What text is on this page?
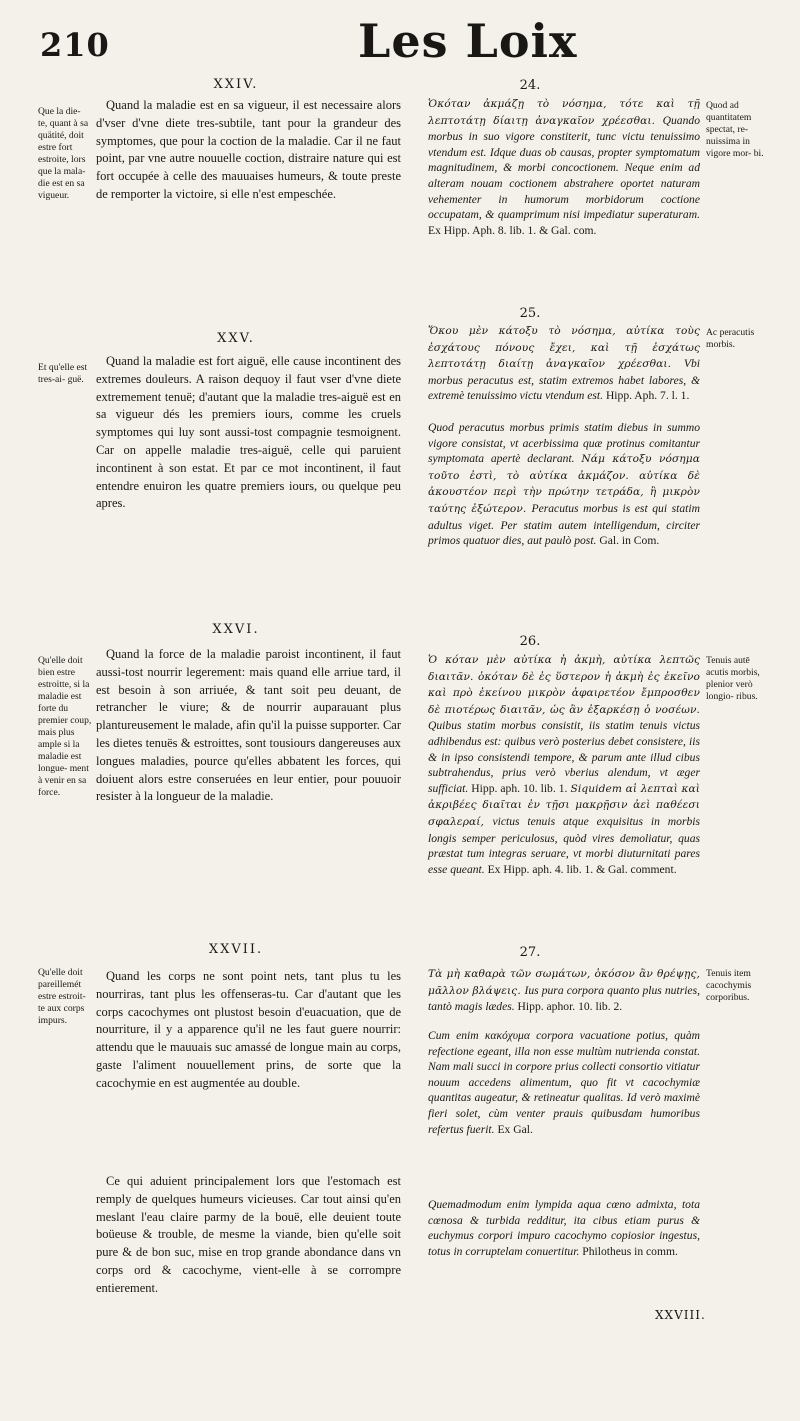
210	Les Loix
XXIV.

Que la die- te, quant à sa quätité, doit estre fort estroite, lors que la mala- die est en sa vigueur.

Quand la maladie est en sa vigueur, il est necessaire alors d'vser d'vne diete tres-subtile, tant pour la grandeur des symptomes, que pour la coction de la maladie. Car il ne faut point, par vne autre nouuelle coction, distraire nature qui est fort occupée à celle des mauuaises humeurs, & toute preste de remporter la victoire, si elle n'est empeschée.

XXV.

Et qu'elle est tres-ai- guë.

Quand la maladie est fort aiguë, elle cause incontinent des extremes douleurs. A raison dequoy il faut vser d'vne diete extremement tenuë; d'autant que la maladie tres-aiguë est en sa vigueur dés les premiers iours, comme les cruels symptomes qui luy sont aussi-tost compagnie tesmoignent. Car on appelle maladie tres-aiguë, celle qui paruient incontinent à son estat. Et par ce mot incontinent, il faut entendre enuiron les quatre premiers iours, ou quelque peu apres.

XXVI.

Qu'elle doit bien estre estroitte, si la maladie est forte du premier coup, mais plus ample si la maladie est longue- ment à venir en sa force.

Quand la force de la maladie paroist incontinent, il faut aussi-tost nourrir legerement: mais quand elle arriue tard, il est besoin à son arriuée, & tant soit peu deuant, de retrancher le viure; & de nourrir auparauant plus plantureusement le malade, afin qu'il la puisse supporter. Car les dietes tenuës & estroittes, sont tousiours dangereuses aux longues maladies, pource qu'elles abbatent les forces, qui doiuent alors estre conseruées en leur entier, pour pouuoir resister à la longueur de la maladie.

XXVII.

Qu'elle doit pareillemét estre estroit- te aux corps impurs.

Quand les corps ne sont point nets, tant plus tu les nourriras, tant plus les offenseras-tu. Car d'autant que les corps cacochymes ont plustost besoin d'euacuation, que de nourriture, il y a apparence qu'il ne les faut guere nourrir: attendu que le mauuais suc amassé de longue main au corps, gaste l'aliment nouuellement prins, de sorte que la cacochymie en est augmentée au double.

Ce qui aduient principalement lors que l'estomach est remply de quelques humeurs vicieuses. Car tout ainsi qu'en meslant l'eau claire parmy de la bouë, elle deuient toute boüeuse & trouble, de mesme la viande, bien qu'elle soit pure & de bon suc, mise en trop grande abondance dans vn corps ord & cacochyme, vient-elle à se corrompre entierement.

24.

Quod ad quantitatem spectat, re- nuissima in vigore mor- bi.

Ὁκόταν ἀκμάζῃ τὸ νόσημα, τότε καὶ τῇ λεπτοτάτῃ δίαιτῃ ἀναγκαῖον χρέεσθαι. Quando morbus in suo vigore constiterit, tunc victu tenuissimo vtendum est. Idque duas ob causas, propter symptomatum magnitudinem, & morbi concoctionem. Neque enim ad alteram nouam coctionem abstrahere oportet naturam vehementer in humorum morbidorum coctione occupatam, & quamprimum nisi impediatur superaturam. Ex Hipp. Aph. 8. lib. 1. & Gal. com.
25.

Ac peracutis morbis.

Ὅκου μὲν κάτοξυ τὸ νόσημα, αὐτίκα τοὺς ἐσχάτους πόνους ἔχει, καὶ τῇ ἐσχάτως λεπτοτάτῃ διαίτῃ ἀναγκαῖον χρέεσθαι. Vbi morbus peracutus est, statim extremos habet labores, & extremè tenuissimo victu vtendum est. Hipp. Aph. 7. l. 1.
Quod peracutus morbus primis statim diebus in summo vigore consistat, vt acerbissima quæ protinus comitantur symptomata apertè declarant. Νάμ κάτοξυ νόσημα τοῦτο ἐστὶ, τὸ αὐτίκα ἀκμάζον. αὐτίκα δὲ ἀκουστέον περὶ τὴν πρώτην τετράδα, ἢ μικρὸν ταύτης ἐξώτερον. Peracutus morbus is est qui statim adultus viget. Per statim autem intelligendum, circiter primos quatuor dies, aut paulò post. Gal. in Com.
26.

Tenuis autē acutis morbis, plenior verò longio- ribus.

Ὁ κόταν μὲν αὐτίκα ἡ ἀκμὴ, αὐτίκα λεπτῶς διαιτᾶν. ὁκόταν δὲ ἐς ὕστερον ἡ ἀκμὴ ἐς ἐκεῖνο καὶ πρὸ ἐκείνου μικρὸν ἀφαιρετέον ἔμπροσθεν δὲ πιοτέρως διαιτᾶν, ὡς ἂν ἐξαρκέσῃ ὁ νοσέων. Quibus statim morbus consistit, iis statim tenuis victus adhibendus est: quibus verò posterius debet consistere, iis & in ipso consistendi tempore, & parum ante illud cibus subtrahendus, prius verò vberius alendum, vt æger sufficiat. Hipp. aph. 10. lib. 1. Siquidem αἱ λεπταὶ καὶ ἀκριβέες διαῖται ἐν τῇσι μακρῇσιν ἀεὶ παθέεσι σφαλεραί, victus tenuis atque exquisitus in morbis longis semper periculosus, quòd vires demoliatur, quas præstat tum integras seruare, vt morbi diuturnitati pares esse queant. Ex Hipp. aph. 4. lib. 1. & Gal. comment.
27.

Tenuis item cacochymis corporibus.

Τὰ μὴ καθαρὰ τῶν σωμάτων, ὁκόσον ἂν θρέψῃς, μᾶλλον βλάψεις. Ius pura corpora quanto plus nutries, tantò magis lædes. Hipp. aphor. 10. lib. 2.
Cum enim κακόχυμα corpora vacuatione potius, quàm refectione egeant, illa non esse multùm nutrienda constat. Nam mali succi in corpore prius collecti consortio vitiatur nouum accedens alimentum, quo fit vt cacochymiæ quantitas augeatur, & retineatur qualitas. Id verò maximè fieri solet, cùm venter prauis quibusdam humoribus refertus fuerit. Ex Gal.
Quemadmodum enim lympida aqua cœno admixta, tota cœnosa & turbida redditur, ita cibus etiam purus & euchymus corpori impuro cacochymo copiosior ingestus, totus in corruptelam conuertitur. Philotheus in comm.
XXVIII.
